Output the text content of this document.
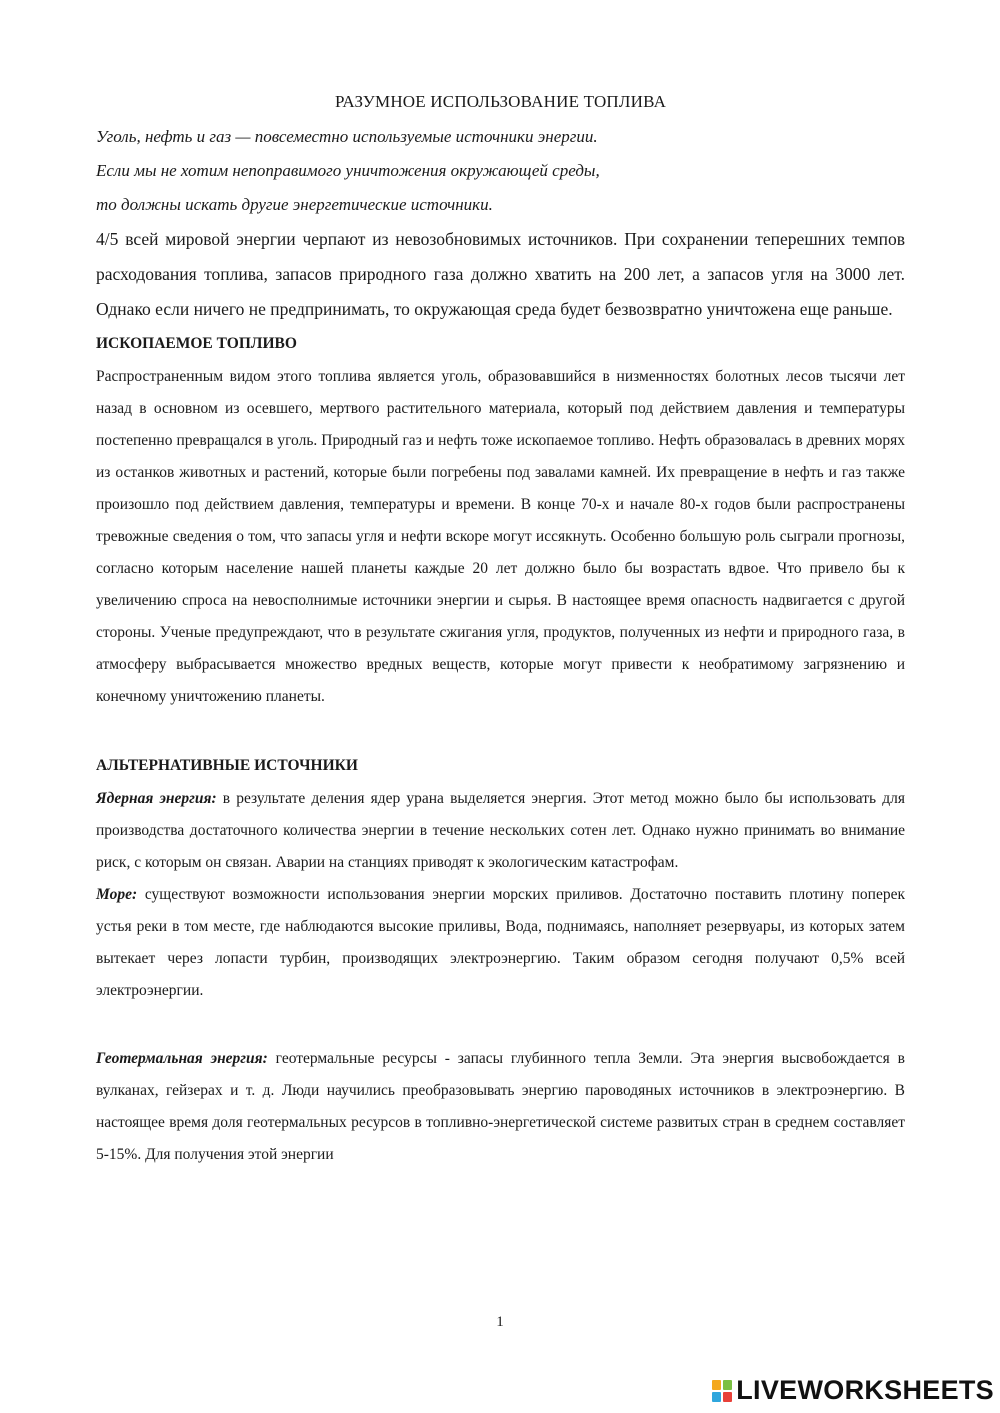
РАЗУМНОЕ ИСПОЛЬЗОВАНИЕ ТОПЛИВА

Уголь, нефть и газ — повсеместно используемые источники энергии.

Если мы не хотим непоправимого уничтожения окружающей среды,

то должны искать другие энергетические источники.

4/5 всей мировой энергии черпают из невозобновимых источников. При сохранении теперешних темпов расходования топлива, запасов природного газа должно хватить на 200 лет, а запасов угля на 3000 лет. Однако если ничего не предпринимать, то окружающая среда будет безвозвратно уничтожена еще раньше.

ИСКОПАЕМОЕ ТОПЛИВО

Распространенным видом этого топлива является уголь, образовавшийся в низменностях болотных лесов тысячи лет назад в основном из осевшего, мертвого растительного материала, который под действием давления и температуры постепенно превращался в уголь. Природный газ и нефть тоже ископаемое топливо. Нефть образовалась в древних морях из останков животных и растений, которые были погребены под завалами камней. Их превращение в нефть и газ также произошло под действием давления, температуры и времени. В конце 70-х и начале 80-х годов были распространены тревожные сведения о том, что запасы угля и нефти вскоре могут иссякнуть. Особенно большую роль сыграли прогнозы, согласно которым население нашей планеты каждые 20 лет должно было бы возрастать вдвое. Что привело бы к увеличению спроса на невосполнимые источники энергии и сырья. В настоящее время опасность надвигается с другой стороны. Ученые предупреждают, что в результате сжигания угля, продуктов, полученных из нефти и природного газа, в атмосферу выбрасывается множество вредных веществ, которые могут привести к необратимому загрязнению и конечному уничтожению планеты.

АЛЬТЕРНАТИВНЫЕ ИСТОЧНИКИ

Ядерная энергия: в результате деления ядер урана выделяется энергия. Этот метод можно было бы использовать для производства достаточного количества энергии в течение нескольких сотен лет. Однако нужно принимать во внимание риск, с которым он связан. Аварии на станциях приводят к экологическим катастрофам.

Море: существуют возможности использования энергии морских приливов. Достаточно поставить плотину поперек устья реки в том месте, где наблюдаются высокие приливы, Вода, поднимаясь, наполняет резервуары, из которых затем вытекает через лопасти турбин, производящих электроэнергию. Таким образом сегодня получают 0,5% всей электроэнергии.

Геотермальная энергия: геотермальные ресурсы - запасы глубинного тепла Земли. Эта энергия высвобождается в вулканах, гейзерах и т. д. Люди научились преобразовывать энергию пароводяных источников в электроэнергию. В настоящее время доля геотермальных ресурсов в топливно-энергетической системе развитых стран в среднем составляет 5-15%. Для получения этой энергии

1
LIVEWORKSHEETS
